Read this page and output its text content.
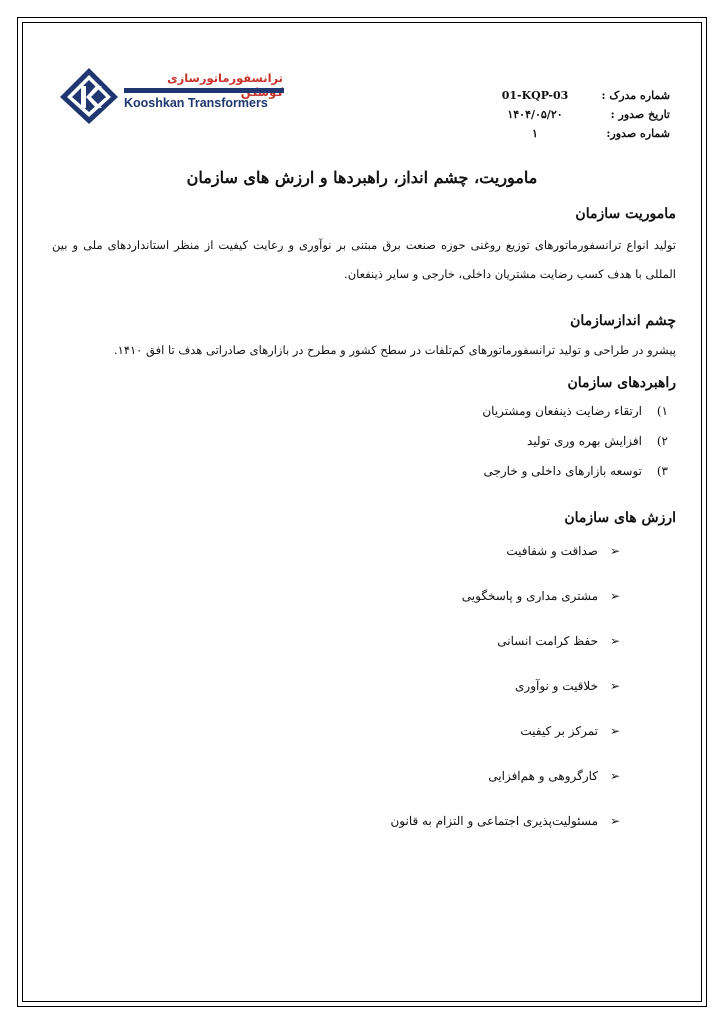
ترانسفورماتورسازی
Kooshkan Transformers
شماره مدرک :
01-KQP-03
تاریخ صدور :
۱۴۰۴/۰۵/۲۰
شماره صدور:
۱
ماموریت، چشم انداز، راهبردها و ارزش های سازمان
ماموریت سازمان
تولید انواع ترانسفورماتورهای توزیع روغنی حوزه صنعت برق مبتنی بر نوآوری و رعایت کیفیت از منظر استانداردهای ملی و بین المللی با هدف کسب رضایت مشتریان داخلی، خارجی و سایر ذینفعان.
چشم اندازسازمان
پیشرو در طراحی و تولید ترانسفورماتورهای کم‌تلفات در سطح کشور و مطرح در بازارهای صادراتی هدف تا افق ۱۴۱۰.
راهبردهای سازمان
۱)
ارتقاء رضایت ذینفعان ومشتریان
۲)
افزایش بهره وری تولید
۳)
توسعه بازارهای داخلی و خارجی
ارزش های سازمان
➢
صداقت و شفافیت
➢
مشتری مداری و پاسخگویی
➢
حفظ کرامت انسانی
➢
خلاقیت و نوآوری
➢
تمرکز بر کیفیت
➢
کارگروهی و هم‌افزایی
➢
مسئولیت‌پذیری اجتماعی و التزام به قانون
